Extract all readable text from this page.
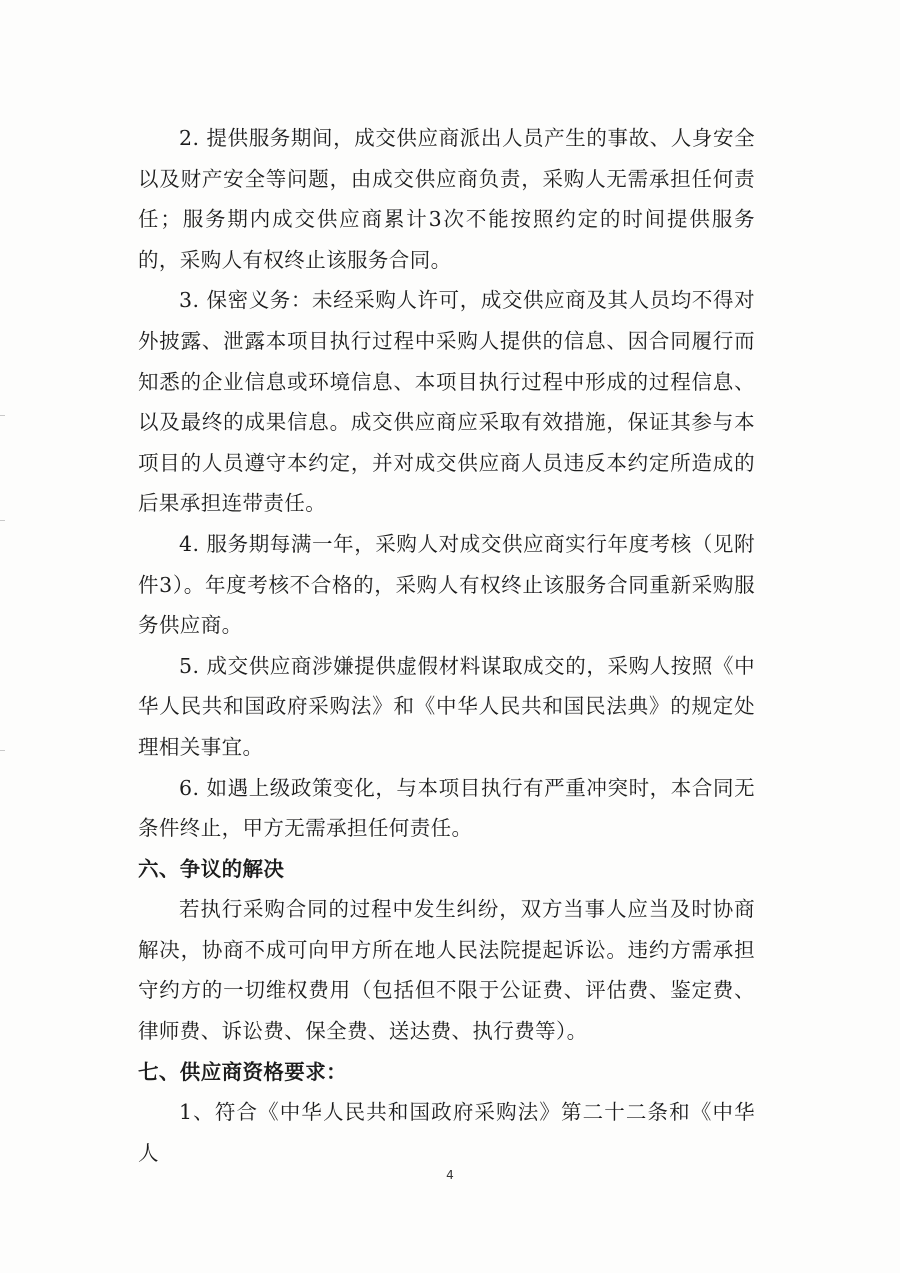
2. 提供服务期间，成交供应商派出人员产生的事故、人身安全以及财产安全等问题，由成交供应商负责，采购人无需承担任何责任；服务期内成交供应商累计3次不能按照约定的时间提供服务的，采购人有权终止该服务合同。

3. 保密义务：未经采购人许可，成交供应商及其人员均不得对外披露、泄露本项目执行过程中采购人提供的信息、因合同履行而知悉的企业信息或环境信息、本项目执行过程中形成的过程信息、以及最终的成果信息。成交供应商应采取有效措施，保证其参与本项目的人员遵守本约定，并对成交供应商人员违反本约定所造成的后果承担连带责任。

4. 服务期每满一年，采购人对成交供应商实行年度考核（见附件3）。年度考核不合格的，采购人有权终止该服务合同重新采购服务供应商。

5. 成交供应商涉嫌提供虚假材料谋取成交的，采购人按照《中华人民共和国政府采购法》和《中华人民共和国民法典》的规定处理相关事宜。

6. 如遇上级政策变化，与本项目执行有严重冲突时，本合同无条件终止，甲方无需承担任何责任。

六、争议的解决

若执行采购合同的过程中发生纠纷，双方当事人应当及时协商解决，协商不成可向甲方所在地人民法院提起诉讼。违约方需承担守约方的一切维权费用（包括但不限于公证费、评估费、鉴定费、律师费、诉讼费、保全费、送达费、执行费等）。

七、供应商资格要求：

1、符合《中华人民共和国政府采购法》第二十二条和《中华人

4
